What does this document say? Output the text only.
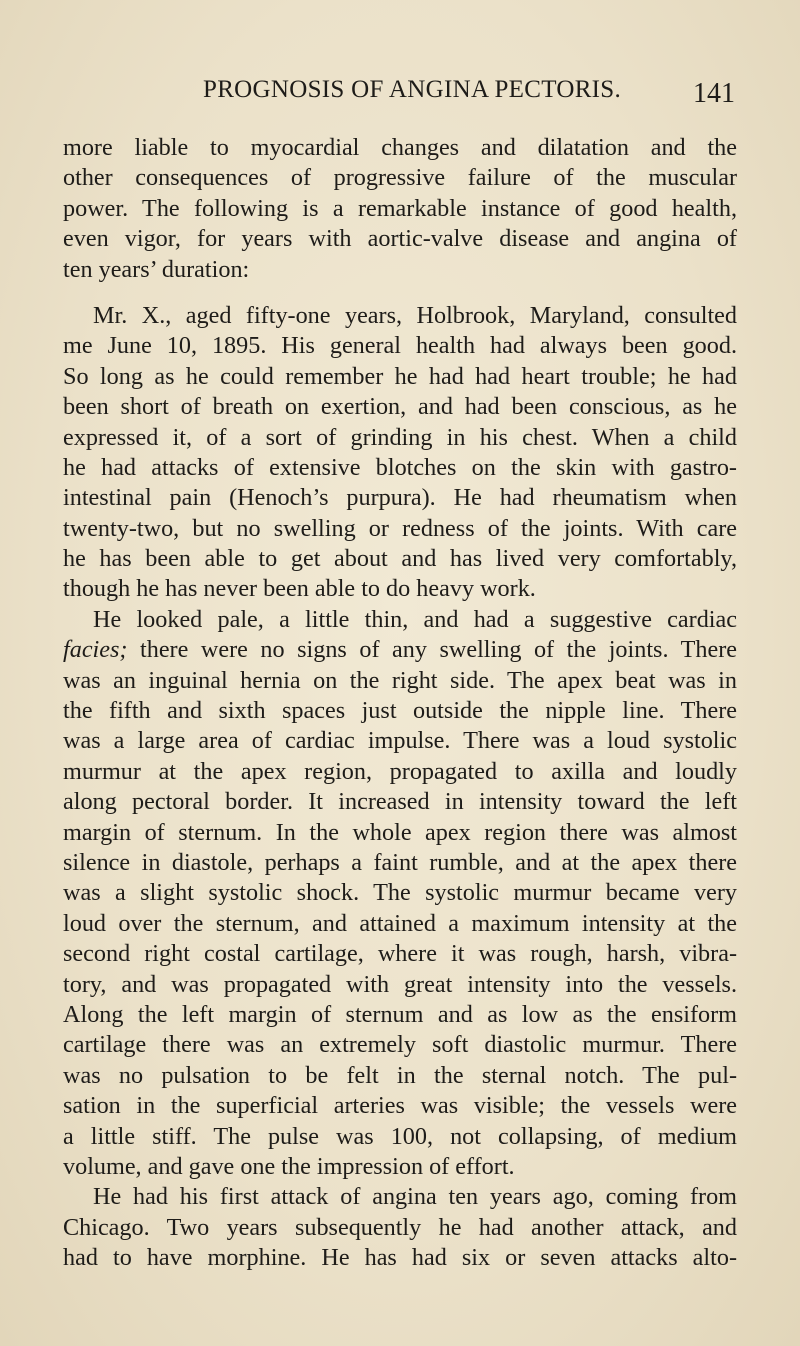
PROGNOSIS OF ANGINA PECTORIS.	141
more liable to myocardial changes and dilatation and the
other consequences of progressive failure of the muscular
power. The following is a remarkable instance of good health,
even vigor, for years with aortic-valve disease and angina of
ten years’ duration:
Mr. X., aged fifty-one years, Holbrook, Maryland, consulted
me June 10, 1895. His general health had always been good.
So long as he could remember he had had heart trouble; he had
been short of breath on exertion, and had been conscious, as he
expressed it, of a sort of grinding in his chest. When a child
he had attacks of extensive blotches on the skin with gastro-
intestinal pain (Henoch’s purpura). He had rheumatism when
twenty-two, but no swelling or redness of the joints. With care
he has been able to get about and has lived very comfortably,
though he has never been able to do heavy work.
He looked pale, a little thin, and had a suggestive cardiac
facies; there were no signs of any swelling of the joints. There
was an inguinal hernia on the right side. The apex beat was in
the fifth and sixth spaces just outside the nipple line. There
was a large area of cardiac impulse. There was a loud systolic
murmur at the apex region, propagated to axilla and loudly
along pectoral border. It increased in intensity toward the left
margin of sternum. In the whole apex region there was almost
silence in diastole, perhaps a faint rumble, and at the apex there
was a slight systolic shock. The systolic murmur became very
loud over the sternum, and attained a maximum intensity at the
second right costal cartilage, where it was rough, harsh, vibra-
tory, and was propagated with great intensity into the vessels.
Along the left margin of sternum and as low as the ensiform
cartilage there was an extremely soft diastolic murmur. There
was no pulsation to be felt in the sternal notch. The pul-
sation in the superficial arteries was visible; the vessels were
a little stiff. The pulse was 100, not collapsing, of medium
volume, and gave one the impression of effort.
He had his first attack of angina ten years ago, coming from
Chicago. Two years subsequently he had another attack, and
had to have morphine. He has had six or seven attacks alto-
